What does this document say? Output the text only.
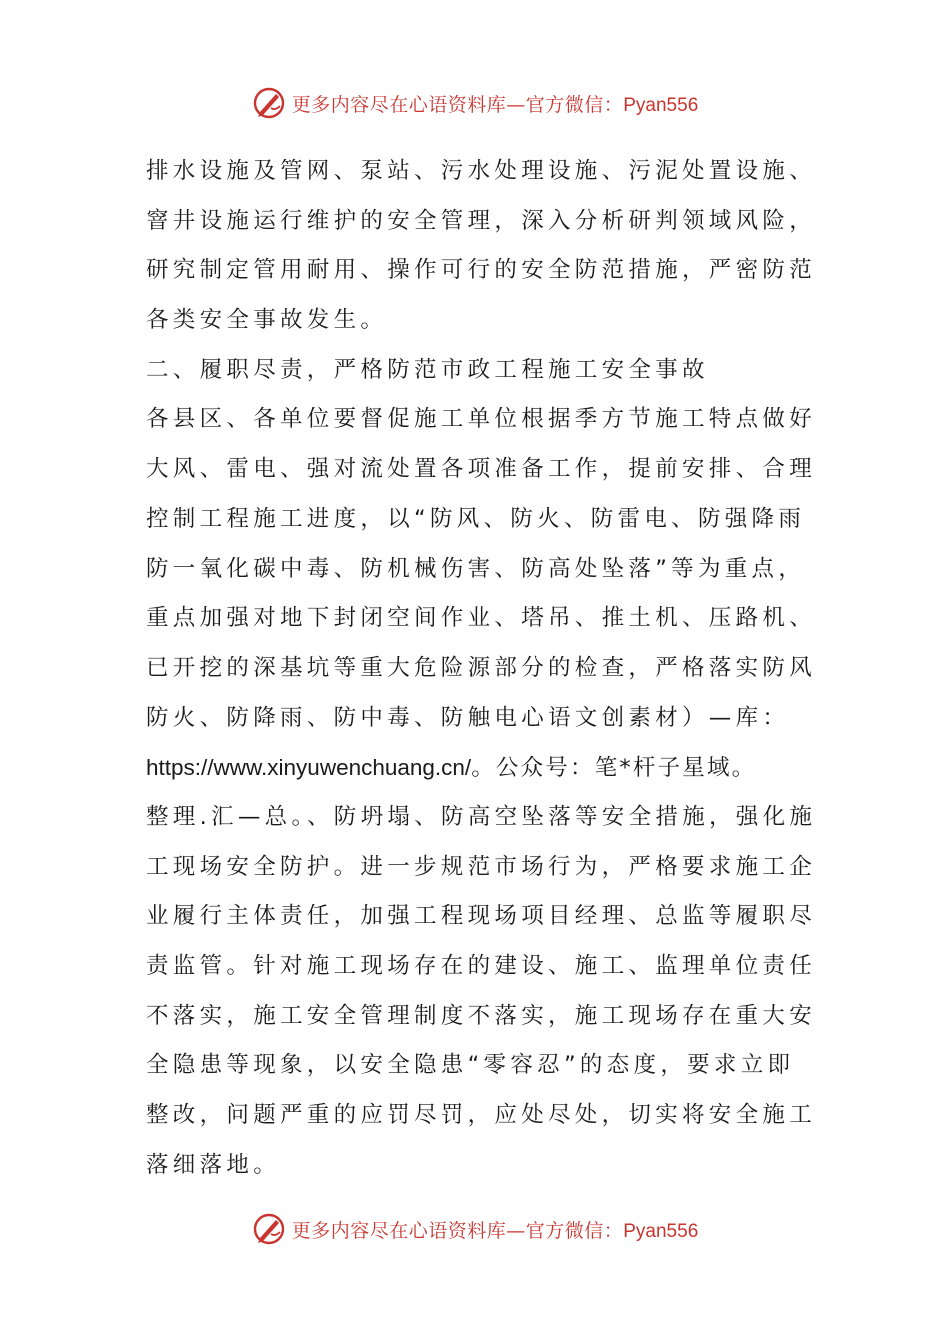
更多内容尽在心语资料库—官方微信：Pyan556
排水设施及管网、泵站、污水处理设施、污泥处置设施、
窨井设施运行维护的安全管理，深入分析研判领域风险，
研究制定管用耐用、操作可行的安全防范措施，严密防范
各类安全事故发生。
二、履职尽责，严格防范市政工程施工安全事故
各县区、各单位要督促施工单位根据季方节施工特点做好
大风、雷电、强对流处置各项准备工作，提前安排、合理
控制工程施工进度，以“防风、防火、防雷电、防强降雨
防一氧化碳中毒、防机械伤害、防高处坠落”等为重点，
重点加强对地下封闭空间作业、塔吊、推土机、压路机、
已开挖的深基坑等重大危险源部分的检查，严格落实防风
防火、防降雨、防中毒、防触电心语文创素材）—库：
https://www.xinyuwenchuang.cn/。公众号：笔*杆子星域。
整理.汇—总。、防坍塌、防高空坠落等安全措施，强化施
工现场安全防护。进一步规范市场行为，严格要求施工企
业履行主体责任，加强工程现场项目经理、总监等履职尽
责监管。针对施工现场存在的建设、施工、监理单位责任
不落实，施工安全管理制度不落实，施工现场存在重大安
全隐患等现象，以安全隐患“零容忍”的态度，要求立即
整改，问题严重的应罚尽罚，应处尽处，切实将安全施工
落细落地。
更多内容尽在心语资料库—官方微信：Pyan556
